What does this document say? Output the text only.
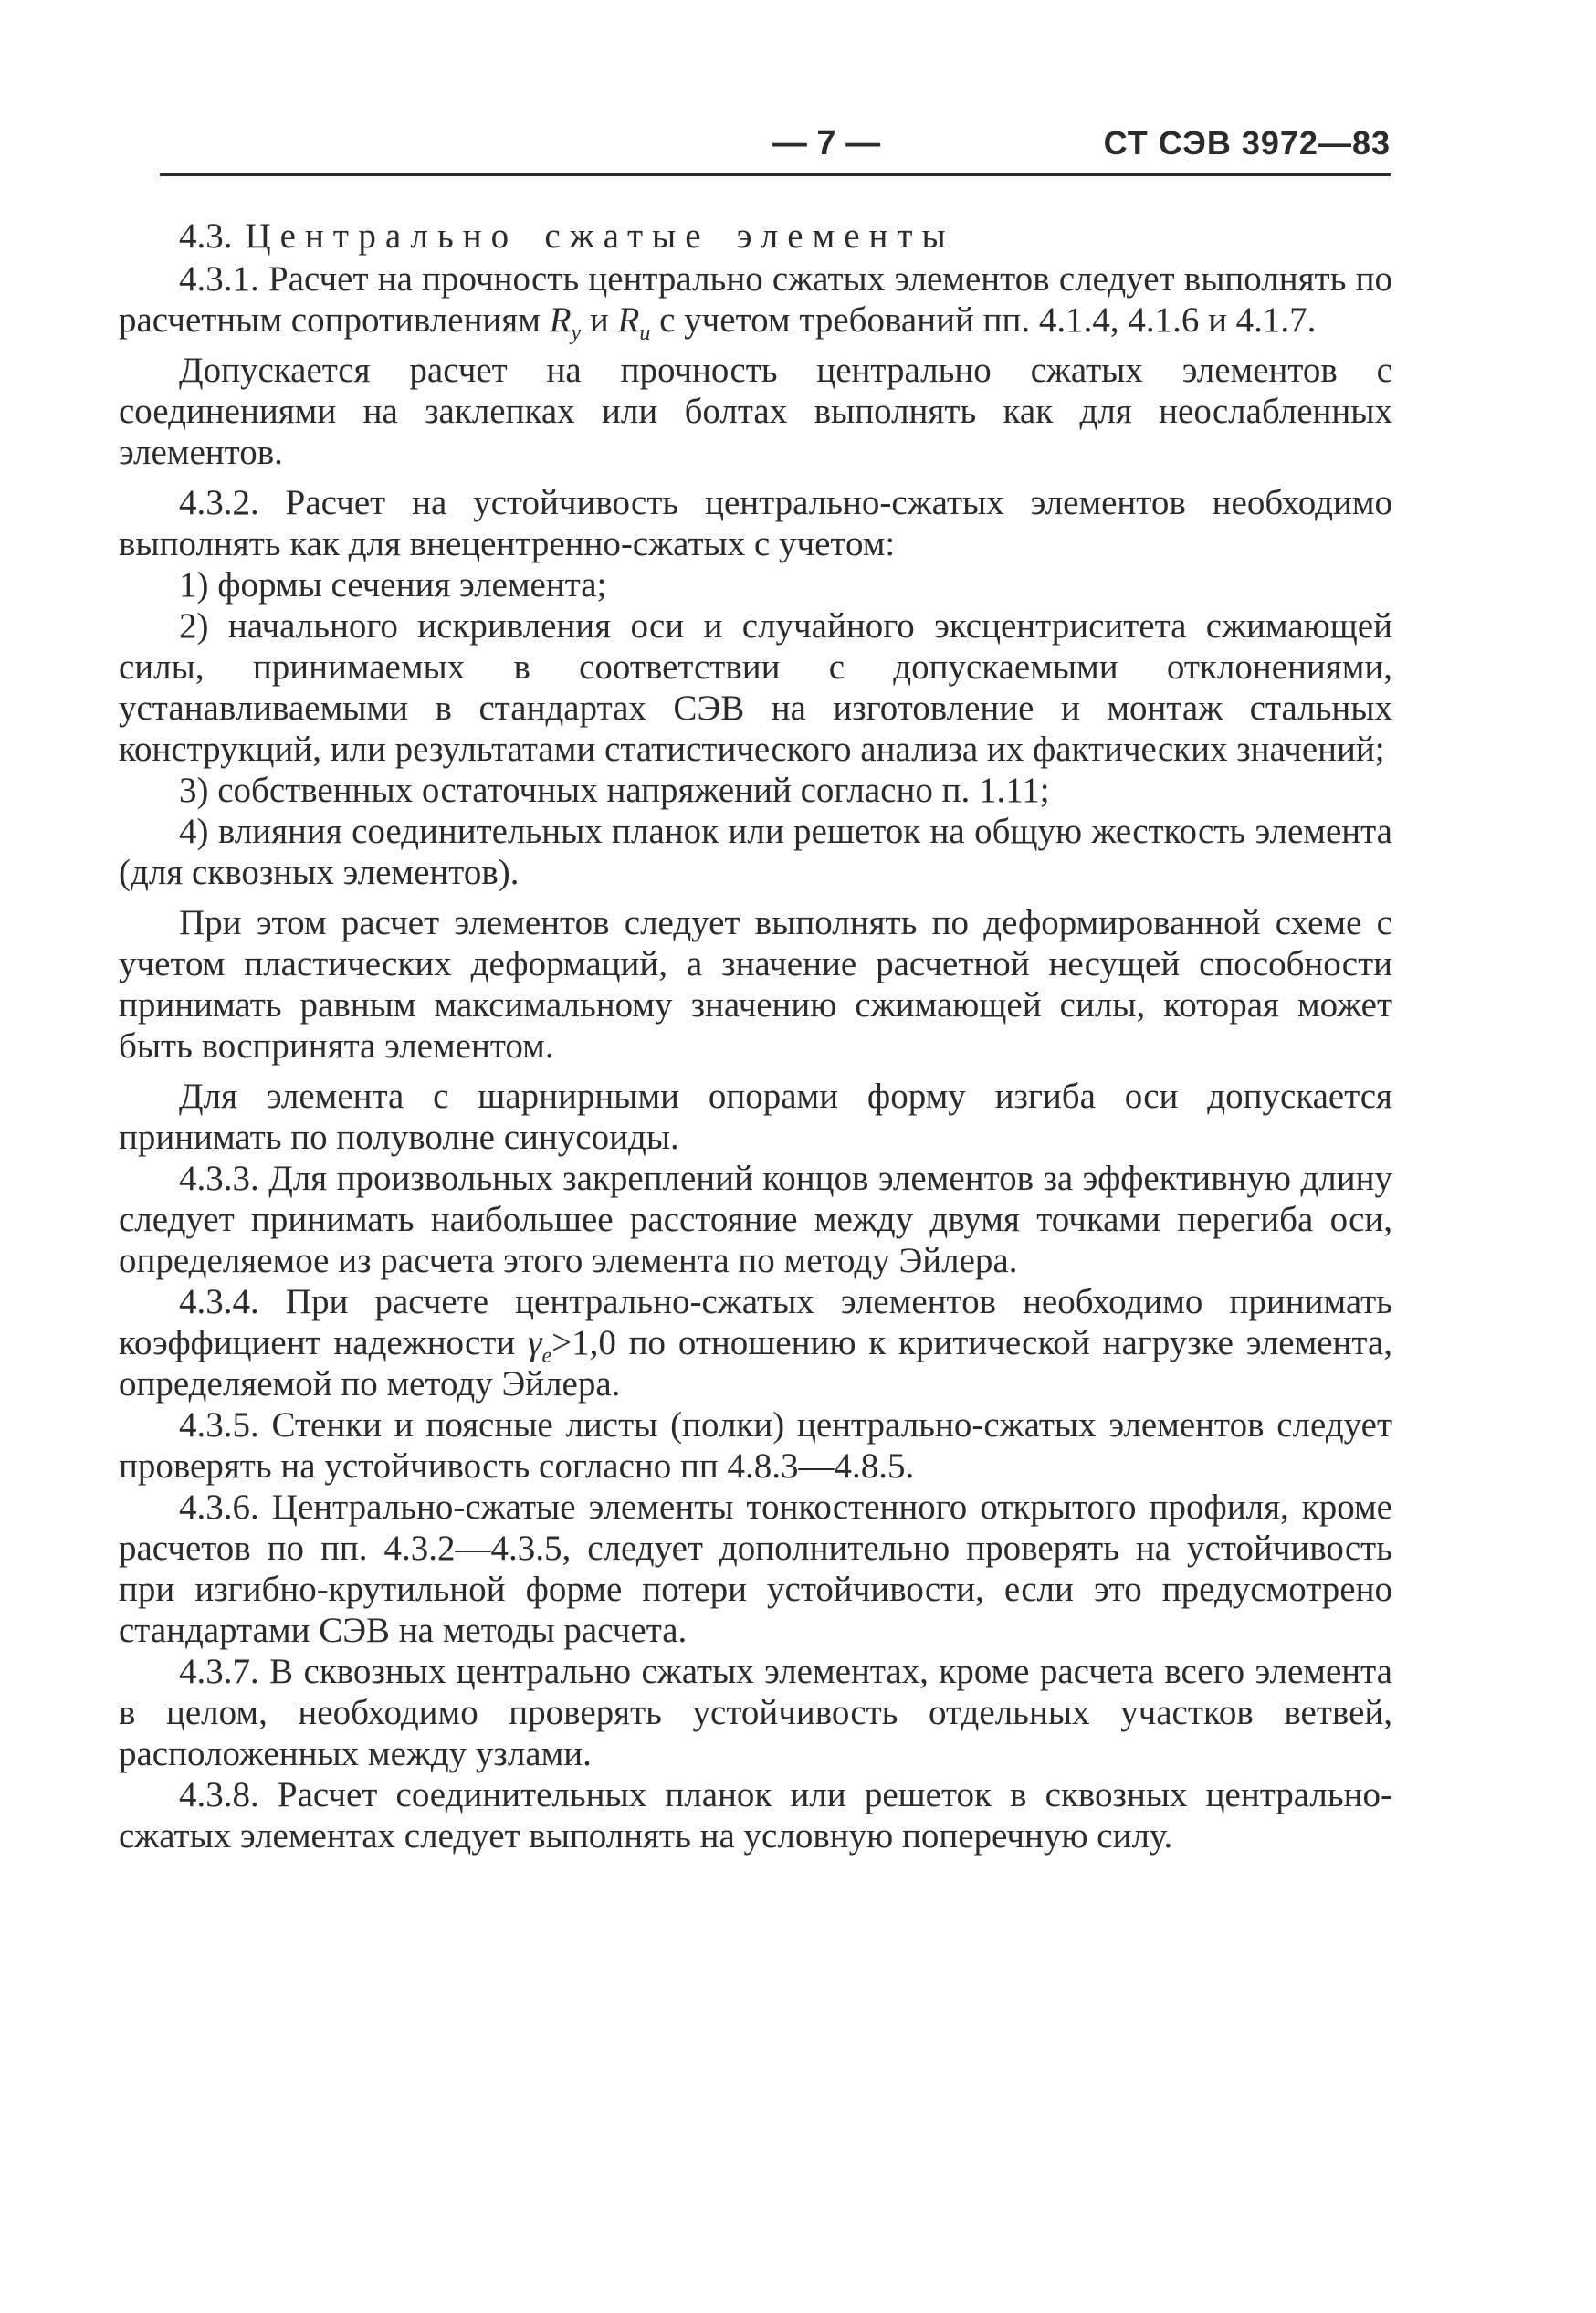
— 7 —	СТ СЭВ 3972—83

4.3. Центрально сжатые элементы

4.3.1. Расчет на прочность центрально сжатых элементов следует выполнять по расчетным сопротивлениям $R_y$ и $R_u$ с учетом требований пп. 4.1.4, 4.1.6 и 4.1.7.

Допускается расчет на прочность центрально сжатых элементов с соединениями на заклепках или болтах выполнять как для неослабленных элементов.

4.3.2. Расчет на устойчивость центрально-сжатых элементов необходимо выполнять как для внецентренно-сжатых с учетом:

1) формы сечения элемента;

2) начального искривления оси и случайного эксцентриситета сжимающей силы, принимаемых в соответствии с допускаемыми отклонениями, устанавливаемыми в стандартах СЭВ на изготовление и монтаж стальных конструкций, или результатами статистического анализа их фактических значений;

3) собственных остаточных напряжений согласно п. 1.11;

4) влияния соединительных планок или решеток на общую жесткость элемента (для сквозных элементов).

При этом расчет элементов следует выполнять по деформированной схеме с учетом пластических деформаций, а значение расчетной несущей способности принимать равным максимальному значению сжимающей силы, которая может быть воспринята элементом.

Для элемента с шарнирными опорами форму изгиба оси допускается принимать по полуволне синусоиды.

4.3.3. Для произвольных закреплений концов элементов за эффективную длину следует принимать наибольшее расстояние между двумя точками перегиба оси, определяемое из расчета этого элемента по методу Эйлера.

4.3.4. При расчете центрально-сжатых элементов необходимо принимать коэффициент надежности $\gamma_e>1,0$ по отношению к критической нагрузке элемента, определяемой по методу Эйлера.

4.3.5. Стенки и поясные листы (полки) центрально-сжатых элементов следует проверять на устойчивость согласно пп 4.8.3—4.8.5.

4.3.6. Центрально-сжатые элементы тонкостенного открытого профиля, кроме расчетов по пп. 4.3.2—4.3.5, следует дополнительно проверять на устойчивость при изгибно-крутильной форме потери устойчивости, если это предусмотрено стандартами СЭВ на методы расчета.

4.3.7. В сквозных центрально сжатых элементах, кроме расчета всего элемента в целом, необходимо проверять устойчивость отдельных участков ветвей, расположенных между узлами.

4.3.8. Расчет соединительных планок или решеток в сквозных центрально-сжатых элементах следует выполнять на условную поперечную силу.
